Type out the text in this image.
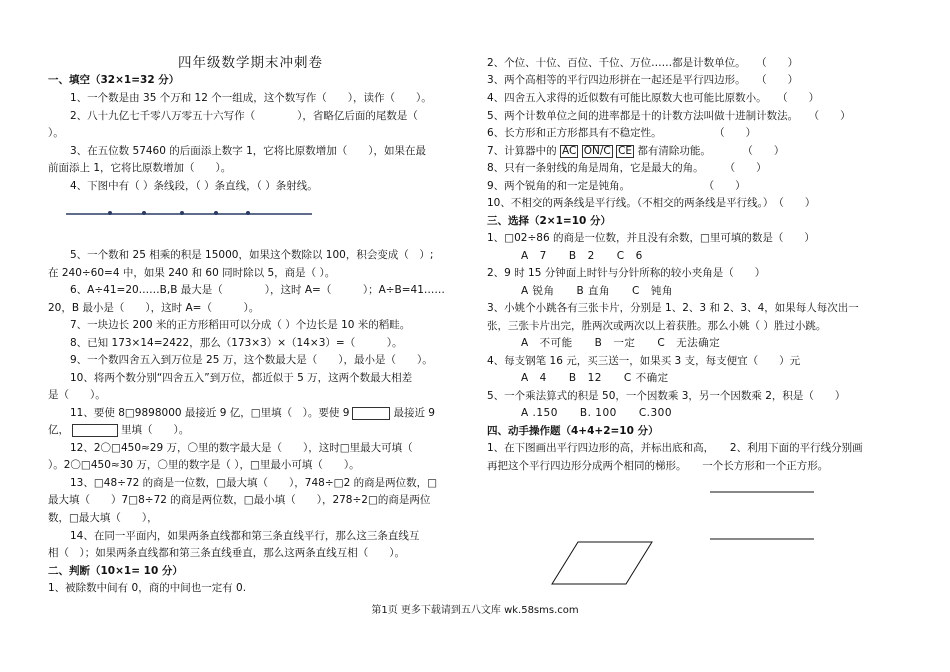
四年级数学期末冲刺卷
一、填空（32×1=32 分）
1、一个数是由 35 个万和 12 个一组成，这个数写作（　　），读作（　　）。
2、八十九亿七千零八万零五十六写作（　　　　），省略亿后面的尾数是（
）。
3、在五位数 57460 的后面添上数字 1，它将比原数增加（　　），如果在最
前面添上 1，它将比原数增加（　　）。
4、下图中有（ ）条线段，（ ）条直线，（ ）条射线。
5、一个数和 25 相乘的积是 15000，如果这个数除以 100，积会变成（　）;
在 240÷60=4 中，如果 240 和 60 同时除以 5，商是（ ）。
6、A÷41=20……B,B 最大是（　　　　），这时 A=（　　　）；A÷B=41……
20，B 最小是（　　），这时 A=（　　　）。
7、一块边长 200 米的正方形稻田可以分成（ ）个边长是 10 米的稻畦。
8、已知 173×14=2422，那么（173×3）×（14×3）=（　　　）。
9、一个数四舍五入到万位是 25 万，这个数最大是（　　），最小是（　　）。
10、将两个数分别“四舍五入”到万位，都近似于 5 万，这两个数最大相差
是（　　）。
11、要使 8□9898000 最接近 9 亿，□里填（　）。要使 9	最接近 9
亿，	里填（　　）。
12、2〇□450≈29 万，〇里的数字最大是（　　），这时□里最大可填（　
）。2〇□450≈30 万，〇里的数字是（ ），□里最小可填（　　）。
13、□48÷72 的商是一位数，□最大填（　　），748÷□2 的商是两位数，□
最大填（　　）7□8÷72 的商是两位数，□最小填（　　），278÷2□的商是两位
数，□最大填（　　），
14、在同一平面内，如果两条直线都和第三条直线平行，那么这三条直线互
相（　）；如果两条直线都和第三条直线垂直，那么这两条直线互相（　　）。
二、判断（10×1= 10 分）
1、被除数中间有 0，商的中间也一定有 0.
2、个位、十位、百位、千位、万位……都是计数单位。　　（　　）
3、两个高相等的平行四边形拼在一起还是平行四边形。　　（　　）
4、四舍五入求得的近似数有可能比原数大也可能比原数小。　　（　　）
5、两个计数单位之间的进率都是十的计数方法叫做十进制计数法。　　（　　）
6、长方形和正方形都具有不稳定性。　　　　　　（　　）
7、计算器中的 AC ON/C CE 都有清除功能。　　　　（　　）
8、只有一条射线的角是周角，它是最大的角。　　　（　　）
9、两个锐角的和一定是钝角。　　　　　　　　（　　）
10、不相交的两条线是平行线。（不相交的两条线是平行线。）　（　　）
三、选择（2×1=10 分）
1、□02÷86 的商是一位数，并且没有余数，□里可填的数是（　　）
A　7　　B　2　　C　6
2、9 时 15 分钟面上时针与分针所称的较小夹角是（　　）
A 锐角　　B 直角　　C　钝角
3、小姚个小跳各有三张卡片，分别是 1、2、3 和 2、3、4，如果每人每次出一
张，三张卡片出完，胜两次或两次以上着获胜。那么小姚（ ）胜过小跳。
A　不可能　　B　一定　　C　无法确定
4、每支钢笔 16 元，买三送一，如果买 3 支，每支便宜（　　）元
A　4　　B　12　　C 不确定
5、一个乘法算式的积是 50，一个因数乘 3，另一个因数乘 2，积是（　　）
A .150　　B. 100　　C.300
四、动手操作题（4+4+2=10 分）
1、在下图画出平行四边形的高，并标出底和高，　　2、利用下面的平行线分别画
再把这个平行四边形分成两个相同的梯形。　　一个长方形和一个正方形。
第1页 更多下载请到五八文库 wk.58sms.com
